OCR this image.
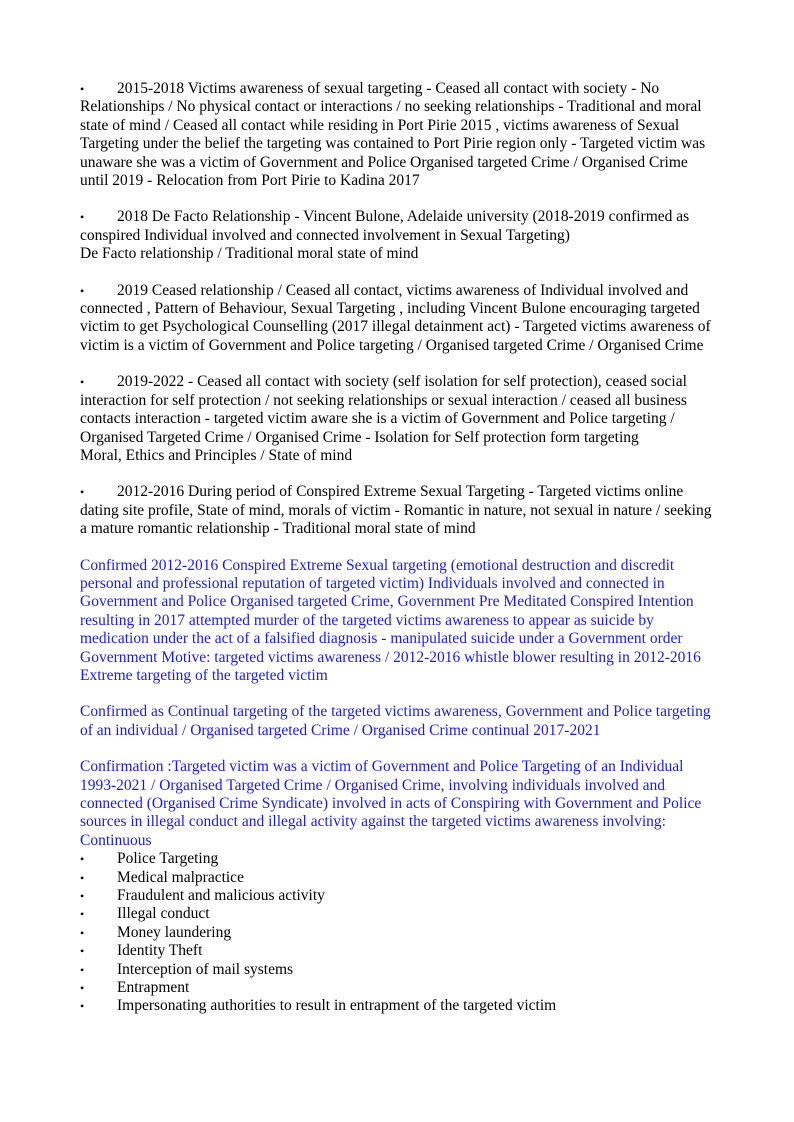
• 2015-2018 Victims awareness of sexual targeting - Ceased all contact with society - No Relationships / No physical contact or interactions / no seeking relationships - Traditional and moral state of mind / Ceased all contact while residing in Port Pirie 2015 , victims awareness of Sexual Targeting under the belief the targeting was contained to Port Pirie region only - Targeted victim was unaware she was a victim of Government and Police Organised targeted Crime / Organised Crime until 2019 - Relocation from Port Pirie to Kadina 2017

• 2018 De Facto Relationship - Vincent Bulone, Adelaide university (2018-2019 confirmed as conspired Individual involved and connected involvement in Sexual Targeting)
De Facto relationship / Traditional moral state of mind

• 2019 Ceased relationship / Ceased all contact, victims awareness of Individual involved and connected , Pattern of Behaviour, Sexual Targeting , including Vincent Bulone encouraging targeted victim to get Psychological Counselling (2017 illegal detainment act) - Targeted victims awareness of victim is a victim of Government and Police targeting / Organised targeted Crime / Organised Crime

• 2019-2022 - Ceased all contact with society (self isolation for self protection), ceased social interaction for self protection / not seeking relationships or sexual interaction / ceased all business contacts interaction - targeted victim aware she is a victim of Government and Police targeting / Organised Targeted Crime / Organised Crime - Isolation for Self protection form targeting
Moral, Ethics and Principles / State of mind

• 2012-2016 During period of Conspired Extreme Sexual Targeting - Targeted victims online dating site profile, State of mind, morals of victim - Romantic in nature, not sexual in nature / seeking a mature romantic relationship - Traditional moral state of mind

Confirmed 2012-2016 Conspired Extreme Sexual targeting (emotional destruction and discredit personal and professional reputation of targeted victim) Individuals involved and connected in Government and Police Organised targeted Crime, Government Pre Meditated Conspired Intention resulting in 2017 attempted murder of the targeted victims awareness to appear as suicide by medication under the act of a falsified diagnosis - manipulated suicide under a Government order Government Motive: targeted victims awareness / 2012-2016 whistle blower resulting in 2012-2016 Extreme targeting of the targeted victim

Confirmed as Continual targeting of the targeted victims awareness, Government and Police targeting of an individual / Organised targeted Crime / Organised Crime continual 2017-2021

Confirmation :Targeted victim was a victim of Government and Police Targeting of an Individual 1993-2021 / Organised Targeted Crime / Organised Crime, involving individuals involved and connected (Organised Crime Syndicate) involved in acts of Conspiring with Government and Police sources in illegal conduct and illegal activity against the targeted victims awareness involving: Continuous

• Police Targeting
• Medical malpractice
• Fraudulent and malicious activity
• Illegal conduct
• Money laundering
• Identity Theft
• Interception of mail systems
• Entrapment
• Impersonating authorities to result in entrapment of the targeted victim
